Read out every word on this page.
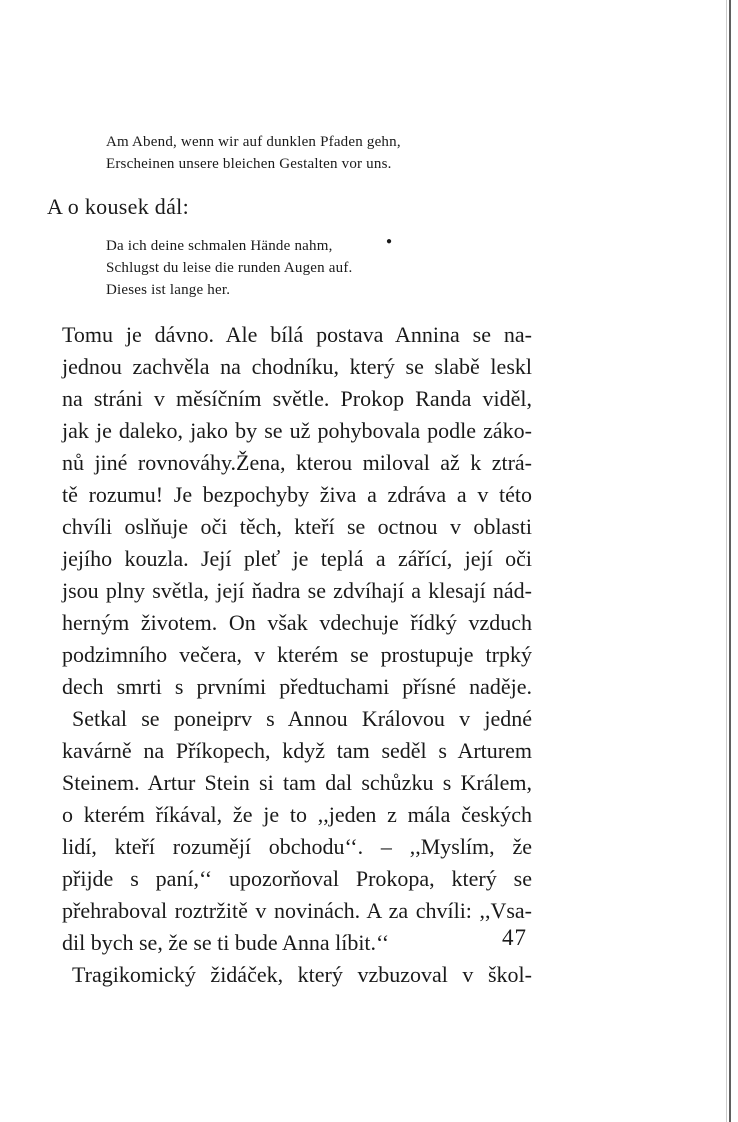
Am Abend, wenn wir auf dunklen Pfaden gehn,
Erscheinen unsere bleichen Gestalten vor uns.
A o kousek dál:
Da ich deine schmalen Hände nahm,
Schlugst du leise die runden Augen auf.
Dieses ist lange her.
●
Tomu je dávno. Ale bílá postava Annina se na-
jednou zachvěla na chodníku, který se slabě leskl
na stráni v měsíčním světle. Prokop Randa viděl,
jak je daleko, jako by se už pohybovala podle záko-
nů jiné rovnováhy.Žena, kterou miloval až k ztrá-
tě rozumu! Je bezpochyby živa a zdráva a v této
chvíli oslňuje oči těch, kteří se octnou v oblasti
jejího kouzla. Její pleť je teplá a zářící, její oči
jsou plny světla, její ňadra se zdvíhají a klesají nád-
herným životem. On však vdechuje řídký vzduch
podzimního večera, v kterém se prostupuje trpký
dech smrti s prvními předtuchami přísné naděje.
Setkal se poneiprv s Annou Královou v jedné
kavárně na Příkopech, když tam seděl s Arturem
Steinem. Artur Stein si tam dal schůzku s Králem,
o kterém říkával, že je to ,,jeden z mála českých
lidí, kteří rozumějí obchodu‘‘. – ,,Myslím, že
přijde s paní,‘‘ upozorňoval Prokopa, který se
přehraboval roztržitě v novinách. A za chvíli: ,,Vsa-
dil bych se, že se ti bude Anna líbit.‘‘
Tragikomický židáček, který vzbuzoval v škol-
47
